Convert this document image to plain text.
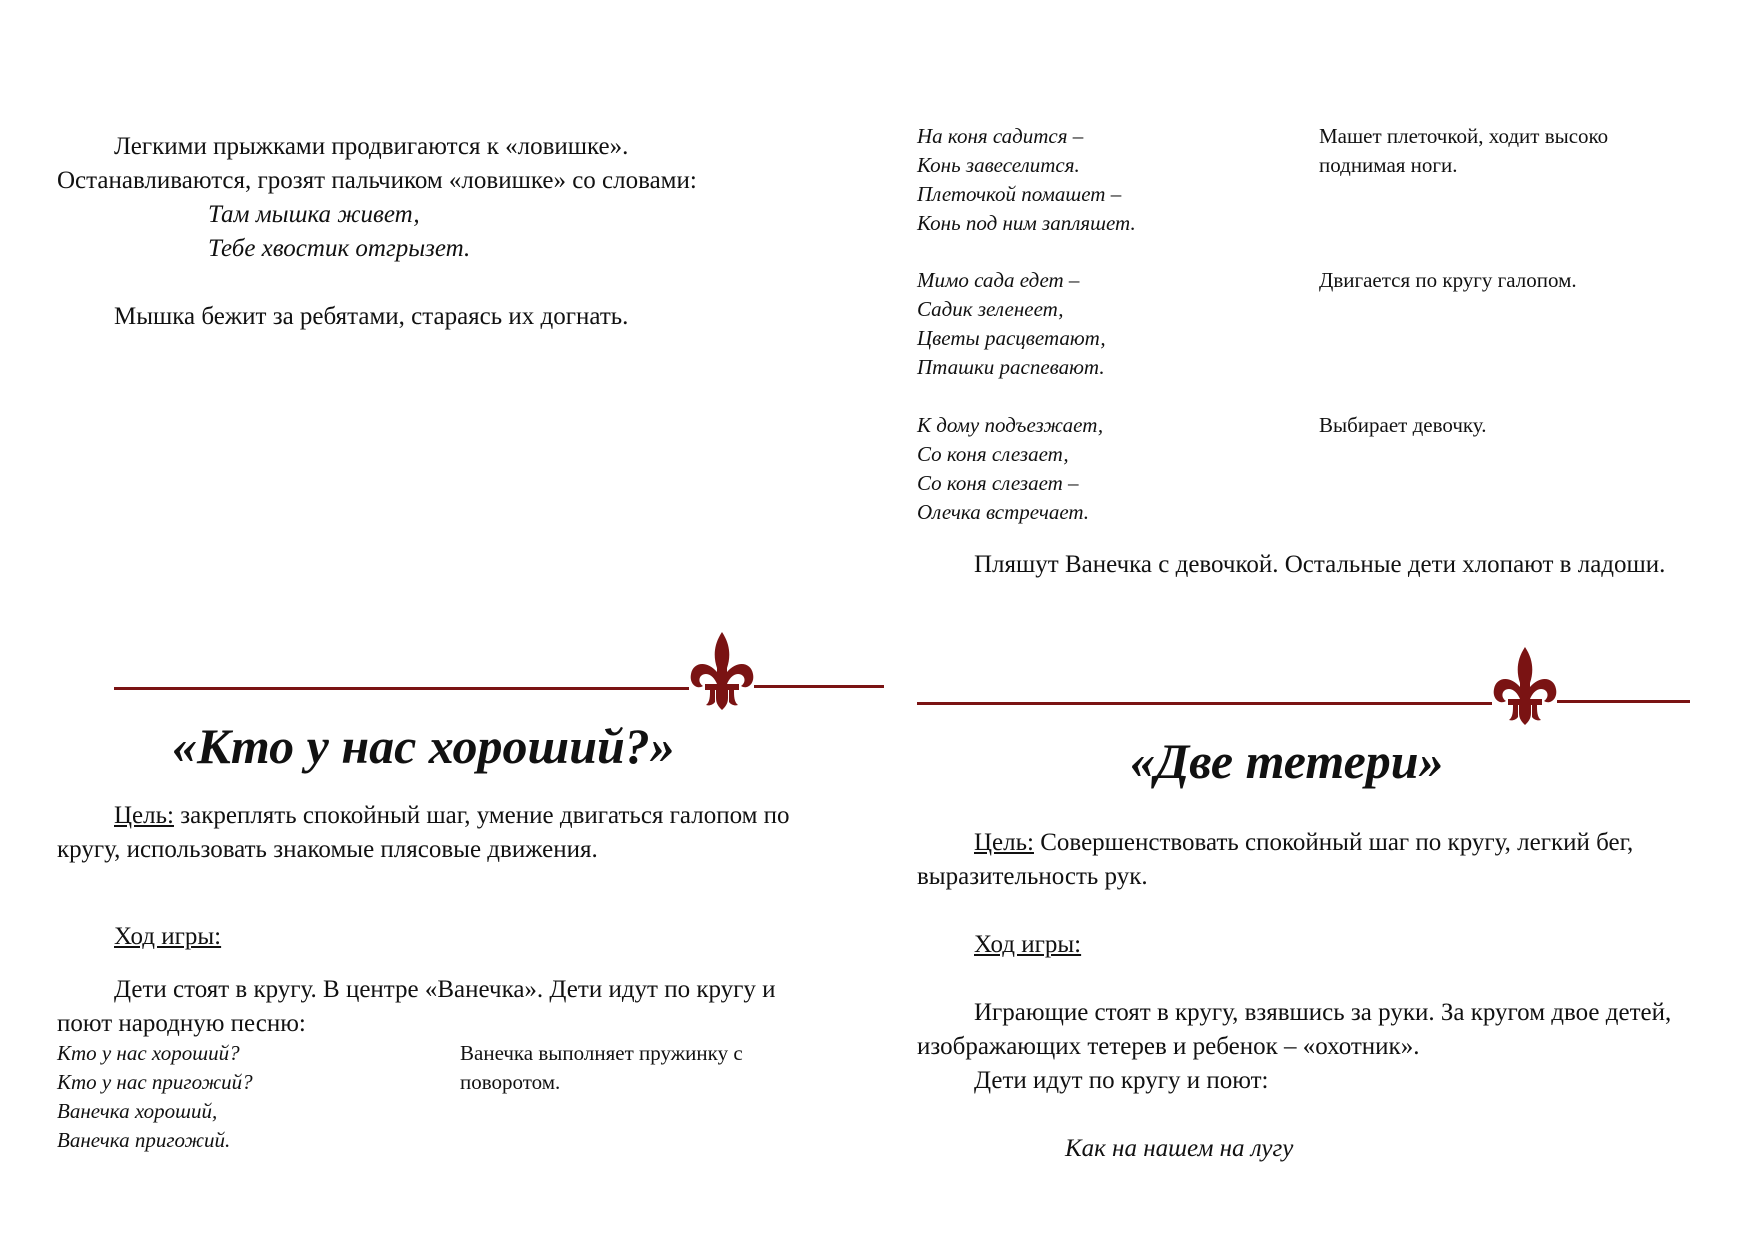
Легкими прыжками продвигаются к «ловишке».

Останавливаются, грозят пальчиком «ловишке» со словами:

Там мышка живет,
Тебе хвостик отгрызет.

Мышка бежит за ребятами, стараясь их догнать.

«Кто у нас хороший?»

Цель: закреплять спокойный шаг, умение двигаться галопом по кругу, использовать знакомые плясовые движения.

Ход игры:

Дети стоят в кругу. В центре «Ванечка». Дети идут по кругу и поют народную песню:

Кто у нас хороший?
Кто у нас пригожий?
Ванечка хороший,
Ванечка пригожий.
Ванечка выполняет пружинку с поворотом.
На коня садится –
Конь завеселится.
Плеточкой помашет –
Конь под ним запляшет.
Машет плеточкой, ходит высоко поднимая ноги.
Мимо сада едет –
Садик зеленеет,
Цветы расцветают,
Пташки распевают.
Двигается по кругу галопом.
К дому подъезжает,
Со коня слезает,
Со коня слезает –
Олечка встречает.
Выбирает девочку.

Пляшут Ванечка с девочкой. Остальные дети хлопают в ладоши.

«Две тетери»

Цель: Совершенствовать спокойный шаг по кругу, легкий бег, выразительность рук.

Ход игры:

Играющие стоят в кругу, взявшись за руки. За кругом двое детей, изображающих тетерев и ребенок – «охотник».

Дети идут по кругу и поют:

Как на нашем на лугу
